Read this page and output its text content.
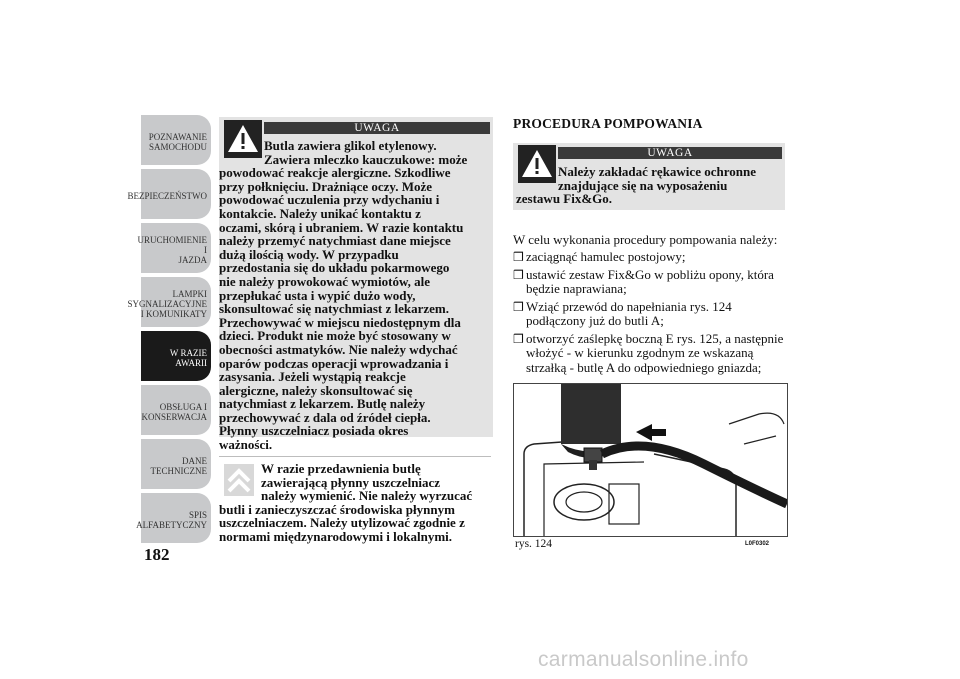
POZNAWANIE
SAMOCHODU
BEZPIECZEŃSTWO
URUCHOMIENIE I
JAZDA
LAMPKI
SYGNALIZACYJNE
I KOMUNIKATY
W RAZIE AWARII
OBSŁUGA I
KONSERWACJA
DANE
TECHNICZNE
SPIS
ALFABETYCZNY
182
UWAGA
Butla zawiera glikol etylenowy.
Zawiera mleczko kauczukowe: może
powodować reakcje alergiczne. Szkodliwe
przy połknięciu. Drażniące oczy. Może
powodować uczulenia przy wdychaniu i
kontakcie. Należy unikać kontaktu z
oczami, skórą i ubraniem. W razie kontaktu
należy przemyć natychmiast dane miejsce
dużą ilością wody. W przypadku
przedostania się do układu pokarmowego
nie należy prowokować wymiotów, ale
przepłukać usta i wypić dużo wody,
skonsultować się natychmiast z lekarzem.
Przechowywać w miejscu niedostępnym dla
dzieci. Produkt nie może być stosowany w
obecności astmatyków. Nie należy wdychać
oparów podczas operacji wprowadzania i
zasysania. Jeżeli wystąpią reakcje
alergiczne, należy skonsultować się
natychmiast z lekarzem. Butlę należy
przechowywać z dala od źródeł ciepła.
Płynny uszczelniacz posiada okres
ważności.
W razie przedawnienia butlę
zawierającą płynny uszczelniacz
należy wymienić. Nie należy wyrzucać
butli i zanieczyszczać środowiska płynnym
uszczelniaczem. Należy utylizować zgodnie z
normami międzynarodowymi i lokalnymi.
PROCEDURA POMPOWANIA
UWAGA
Należy zakładać rękawice ochronne
znajdujące się na wyposażeniu
zestawu Fix&Go.
W celu wykonania procedury pompowania należy:
❒ zaciągnąć hamulec postojowy;
❒ ustawić zestaw Fix&Go w pobliżu opony, która będzie naprawiana;
❒ Wziąć przewód do napełniania rys. 124 podłączony już do butli A;
❒ otworzyć zaślepkę boczną E rys. 125, a następnie włożyć - w kierunku zgodnym ze wskazaną strzałką - butlę A do odpowiedniego gniazda;
rys. 124	L0F0302
carmanualsonline.info
